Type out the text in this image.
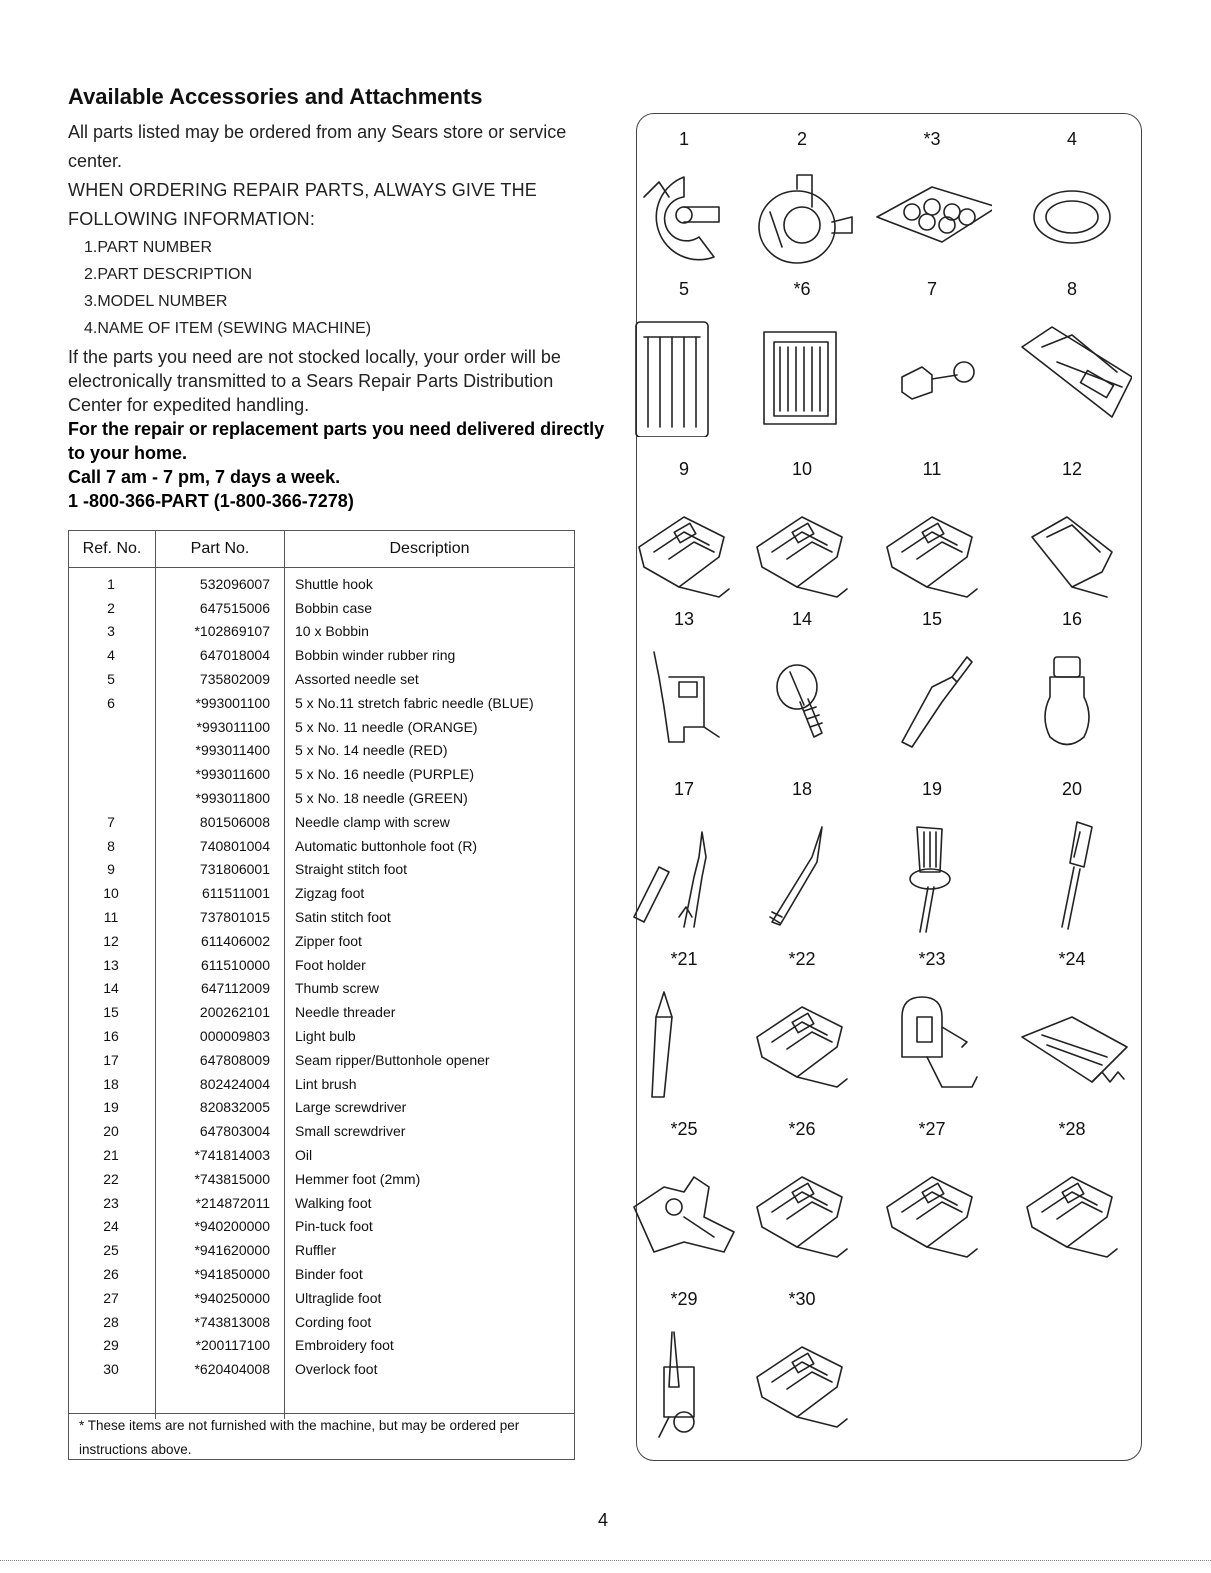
Available Accessories and Attachments
All parts listed may be ordered from any Sears store or service center.
WHEN ORDERING REPAIR PARTS, ALWAYS GIVE THE FOLLOWING INFORMATION:
1.PART NUMBER
2.PART DESCRIPTION
3.MODEL NUMBER
4.NAME OF ITEM (SEWING MACHINE)
If the parts you need are not stocked locally, your order will be electronically transmitted to a Sears Repair Parts Distribution Center for expedited handling.
For the repair or replacement parts you need delivered directly to your home.
Call 7 am - 7 pm, 7 days a week.
1 -800-366-PART (1-800-366-7278)
Ref. No.	Part No.	Description

1	532096007	Shuttle hook
2	647515006	Bobbin case
3	*102869107	10 x Bobbin
4	647018004	Bobbin winder rubber ring
5	735802009	Assorted needle set
6	*993001100	5 x No.11 stretch fabric needle (BLUE)
	*993011100	5 x No. 11 needle (ORANGE)
	*993011400	5 x No. 14 needle (RED)
	*993011600	5 x No. 16 needle (PURPLE)
	*993011800	5 x No. 18 needle (GREEN)
7	801506008	Needle clamp with screw
8	740801004	Automatic buttonhole foot (R)
9	731806001	Straight stitch foot
10	611511001	Zigzag foot
11	737801015	Satin stitch foot
12	611406002	Zipper foot
13	611510000	Foot holder
14	647112009	Thumb screw
15	200262101	Needle threader
16	000009803	Light bulb
17	647808009	Seam ripper/Buttonhole opener
18	802424004	Lint brush
19	820832005	Large screwdriver
20	647803004	Small screwdriver
21	*741814003	Oil
22	*743815000	Hemmer foot (2mm)
23	*214872011	Walking foot
24	*940200000	Pin-tuck foot
25	*941620000	Ruffler
26	*941850000	Binder foot
27	*940250000	Ultraglide foot
28	*743813008	Cording foot
29	*200117100	Embroidery foot
30	*620404008	Overlock foot

* These items are not furnished with the machine, but may be ordered per instructions above.
1	2	*3	4
5	*6	7	8
9	10	11	12
13	14	15	16
17	18	19	20
*21	*22	*23	*24
*25	*26	*27	*28
*29	*30
4
